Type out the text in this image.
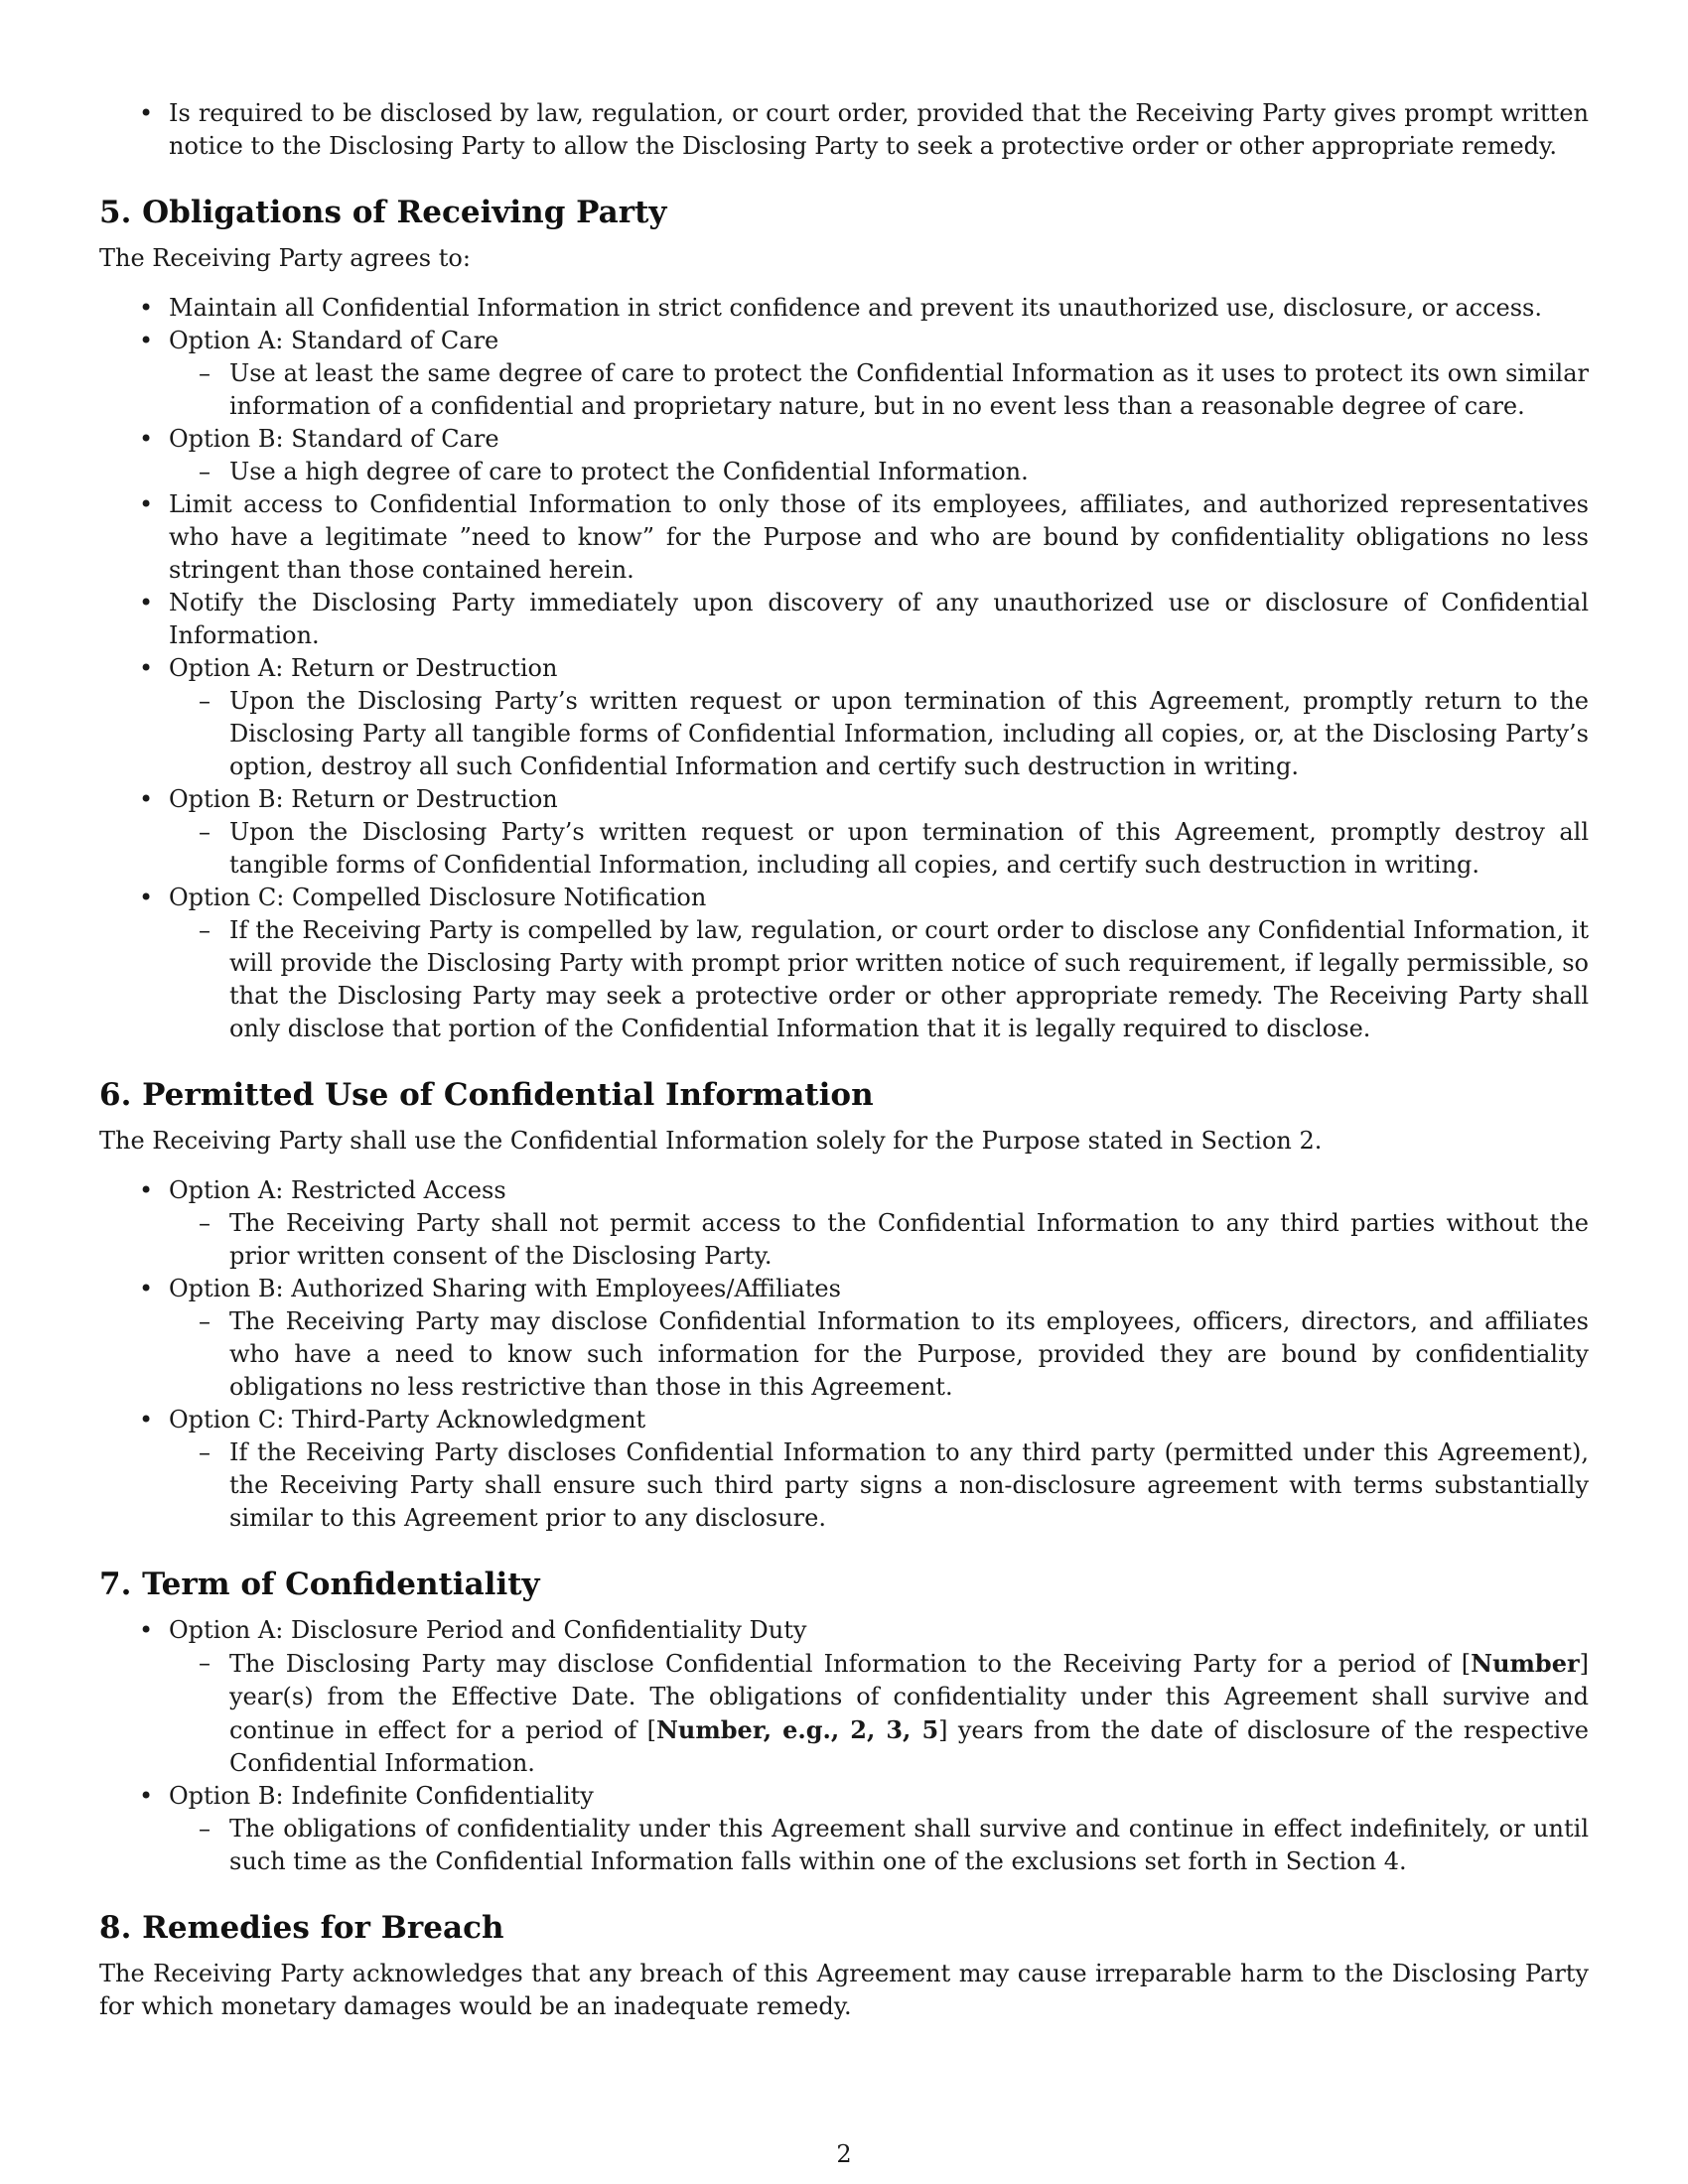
• Is required to be disclosed by law, regulation, or court order, provided that the Receiving Party gives prompt written notice to the Disclosing Party to allow the Disclosing Party to seek a protective order or other appropriate remedy.
5. Obligations of Receiving Party

The Receiving Party agrees to:

• Maintain all Confidential Information in strict confidence and prevent its unauthorized use, disclosure, or access.
• Option A: Standard of Care
– Use at least the same degree of care to protect the Confidential Information as it uses to protect its own similar information of a confidential and proprietary nature, but in no event less than a reasonable degree of care.
• Option B: Standard of Care
– Use a high degree of care to protect the Confidential Information.
• Limit access to Confidential Information to only those of its employees, affiliates, and authorized representatives who have a legitimate ”need to know” for the Purpose and who are bound by confidentiality obligations no less stringent than those contained herein.
• Notify the Disclosing Party immediately upon discovery of any unauthorized use or disclosure of Confidential Information.
• Option A: Return or Destruction
– Upon the Disclosing Party’s written request or upon termination of this Agreement, promptly return to the Disclosing Party all tangible forms of Confidential Information, including all copies, or, at the Disclosing Party’s option, destroy all such Confidential Information and certify such destruction in writing.
• Option B: Return or Destruction
– Upon the Disclosing Party’s written request or upon termination of this Agreement, promptly destroy all tangible forms of Confidential Information, including all copies, and certify such destruction in writing.
• Option C: Compelled Disclosure Notification
– If the Receiving Party is compelled by law, regulation, or court order to disclose any Confidential Information, it will provide the Disclosing Party with prompt prior written notice of such requirement, if legally permissible, so that the Disclosing Party may seek a protective order or other appropriate remedy. The Receiving Party shall only disclose that portion of the Confidential Information that it is legally required to disclose.
6. Permitted Use of Confidential Information

The Receiving Party shall use the Confidential Information solely for the Purpose stated in Section 2.

• Option A: Restricted Access
– The Receiving Party shall not permit access to the Confidential Information to any third parties without the prior written consent of the Disclosing Party.
• Option B: Authorized Sharing with Employees/Affiliates
– The Receiving Party may disclose Confidential Information to its employees, officers, directors, and affiliates who have a need to know such information for the Purpose, provided they are bound by confidentiality obligations no less restrictive than those in this Agreement.
• Option C: Third-Party Acknowledgment
– If the Receiving Party discloses Confidential Information to any third party (permitted under this Agreement), the Receiving Party shall ensure such third party signs a non-disclosure agreement with terms substantially similar to this Agreement prior to any disclosure.
7. Term of Confidentiality
• Option A: Disclosure Period and Confidentiality Duty
– The Disclosing Party may disclose Confidential Information to the Receiving Party for a period of [Number] year(s) from the Effective Date. The obligations of confidentiality under this Agreement shall survive and continue in effect for a period of [Number, e.g., 2, 3, 5] years from the date of disclosure of the respective Confidential Information.
• Option B: Indefinite Confidentiality
– The obligations of confidentiality under this Agreement shall survive and continue in effect indefinitely, or until such time as the Confidential Information falls within one of the exclusions set forth in Section 4.
8. Remedies for Breach

The Receiving Party acknowledges that any breach of this Agreement may cause irreparable harm to the Disclosing Party for which monetary damages would be an inadequate remedy.

2
